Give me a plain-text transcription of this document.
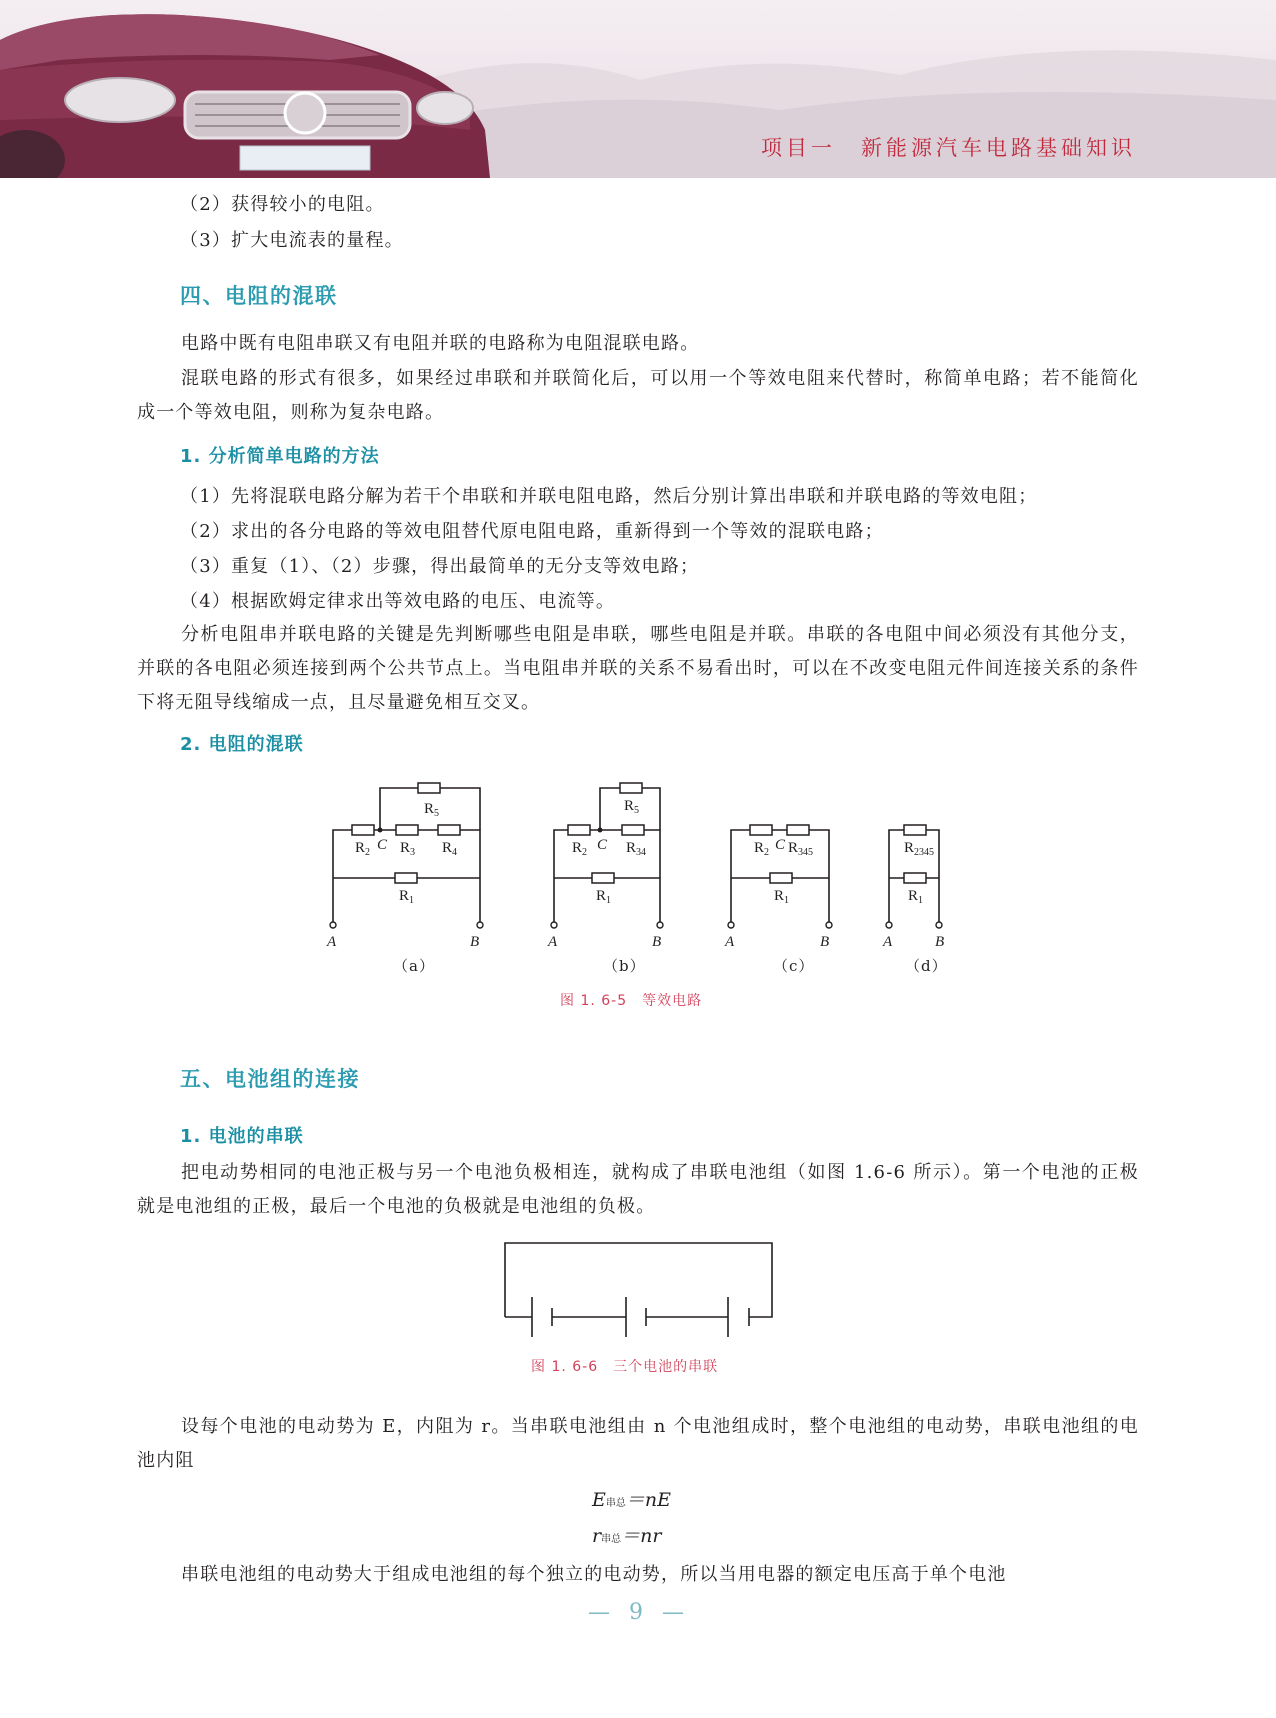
项目一　新能源汽车电路基础知识

（2）获得较小的电阻。

（3）扩大电流表的量程。

四、电阻的混联

电路中既有电阻串联又有电阻并联的电路称为电阻混联电路。

混联电路的形式有很多，如果经过串联和并联简化后，可以用一个等效电阻来代替时，称简单电路；若不能简化成一个等效电阻，则称为复杂电路。

1. 分析简单电路的方法

（1）先将混联电路分解为若干个串联和并联电阻电路，然后分别计算出串联和并联电路的等效电阻；

（2）求出的各分电路的等效电阻替代原电阻电路，重新得到一个等效的混联电路；

（3）重复（1）、（2）步骤，得出最简单的无分支等效电路；

（4）根据欧姆定律求出等效电路的电压、电流等。

分析电阻串并联电路的关键是先判断哪些电阻是串联，哪些电阻是并联。串联的各电阻中间必须没有其他分支，并联的各电阻必须连接到两个公共节点上。当电阻串并联的关系不易看出时，可以在不改变电阻元件间连接关系的条件下将无阻导线缩成一点，且尽量避免相互交叉。

2. 电阻的混联
$R_5$
$R_2$ C $R_3$ $R_4$
$R_1$
A	B
$R_5$
$R_2$ C $R_{34}$
$R_1$
A	B
$R_2$ C $R_{345}$
$R_1$
A	B
$R_{2345}$
$R_1$
A	B
（a）	（b）	（c）	（d）
图 1. 6-5　等效电路
五、电池组的连接
1. 电池的串联

把电动势相同的电池正极与另一个电池负极相连，就构成了串联电池组（如图 1.6-6 所示）。第一个电池的正极就是电池组的正极，最后一个电池的负极就是电池组的负极。

图 1. 6-6　三个电池的串联

设每个电池的电动势为 E，内阻为 r。当串联电池组由 n 个电池组成时，整个电池组的电动势，串联电池组的电池内阻

E串总＝nE
r串总＝nr

串联电池组的电动势大于组成电池组的每个独立的电动势，所以当用电器的额定电压高于单个电池

— 9 —
